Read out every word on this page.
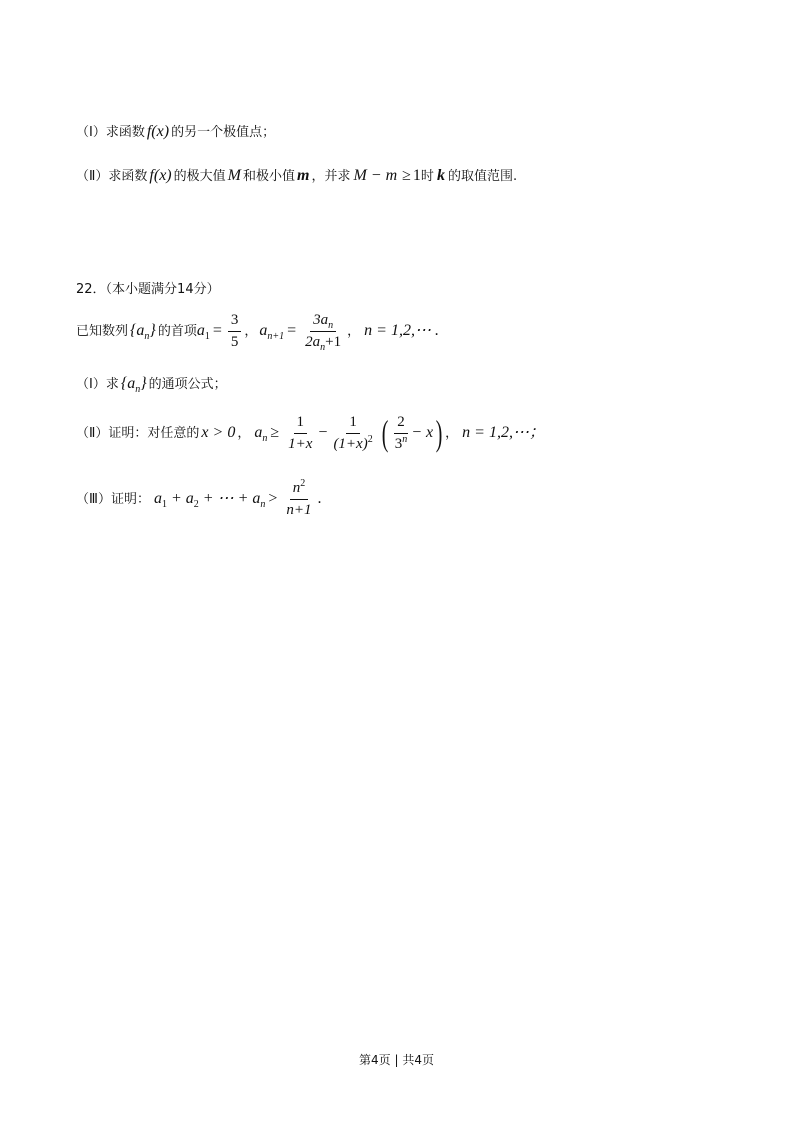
（Ⅰ） 求函数 f(x) 的另一个极值点；
（Ⅱ） 求函数 f(x) 的极大值 M 和极小值 m ，并求 M − m ≥ 1 时 k 的取值范围.
22．（本小题满分14分）
已知数列 $\{a_n\}$ 的首项 $a_1 = \frac{3}{5}$ ， $a_{n+1} = \frac{3a_n}{2a_n+1}$ ， n = 1,2,⋯ .
（Ⅰ） 求 $\{a_n\}$ 的通项公式；
（Ⅱ） 证明：对任意的 x > 0 ， $a_n \ge \frac{1}{1+x} - \frac{1}{(1+x)^2}$ ( $\frac{2}{3^n} - x$ ) ， n = 1,2,⋯；
（Ⅲ） 证明： $a_1 + a_2$ + ⋯ + $a_n > \frac{n^2}{n+1}$ .
第4页 | 共4页
